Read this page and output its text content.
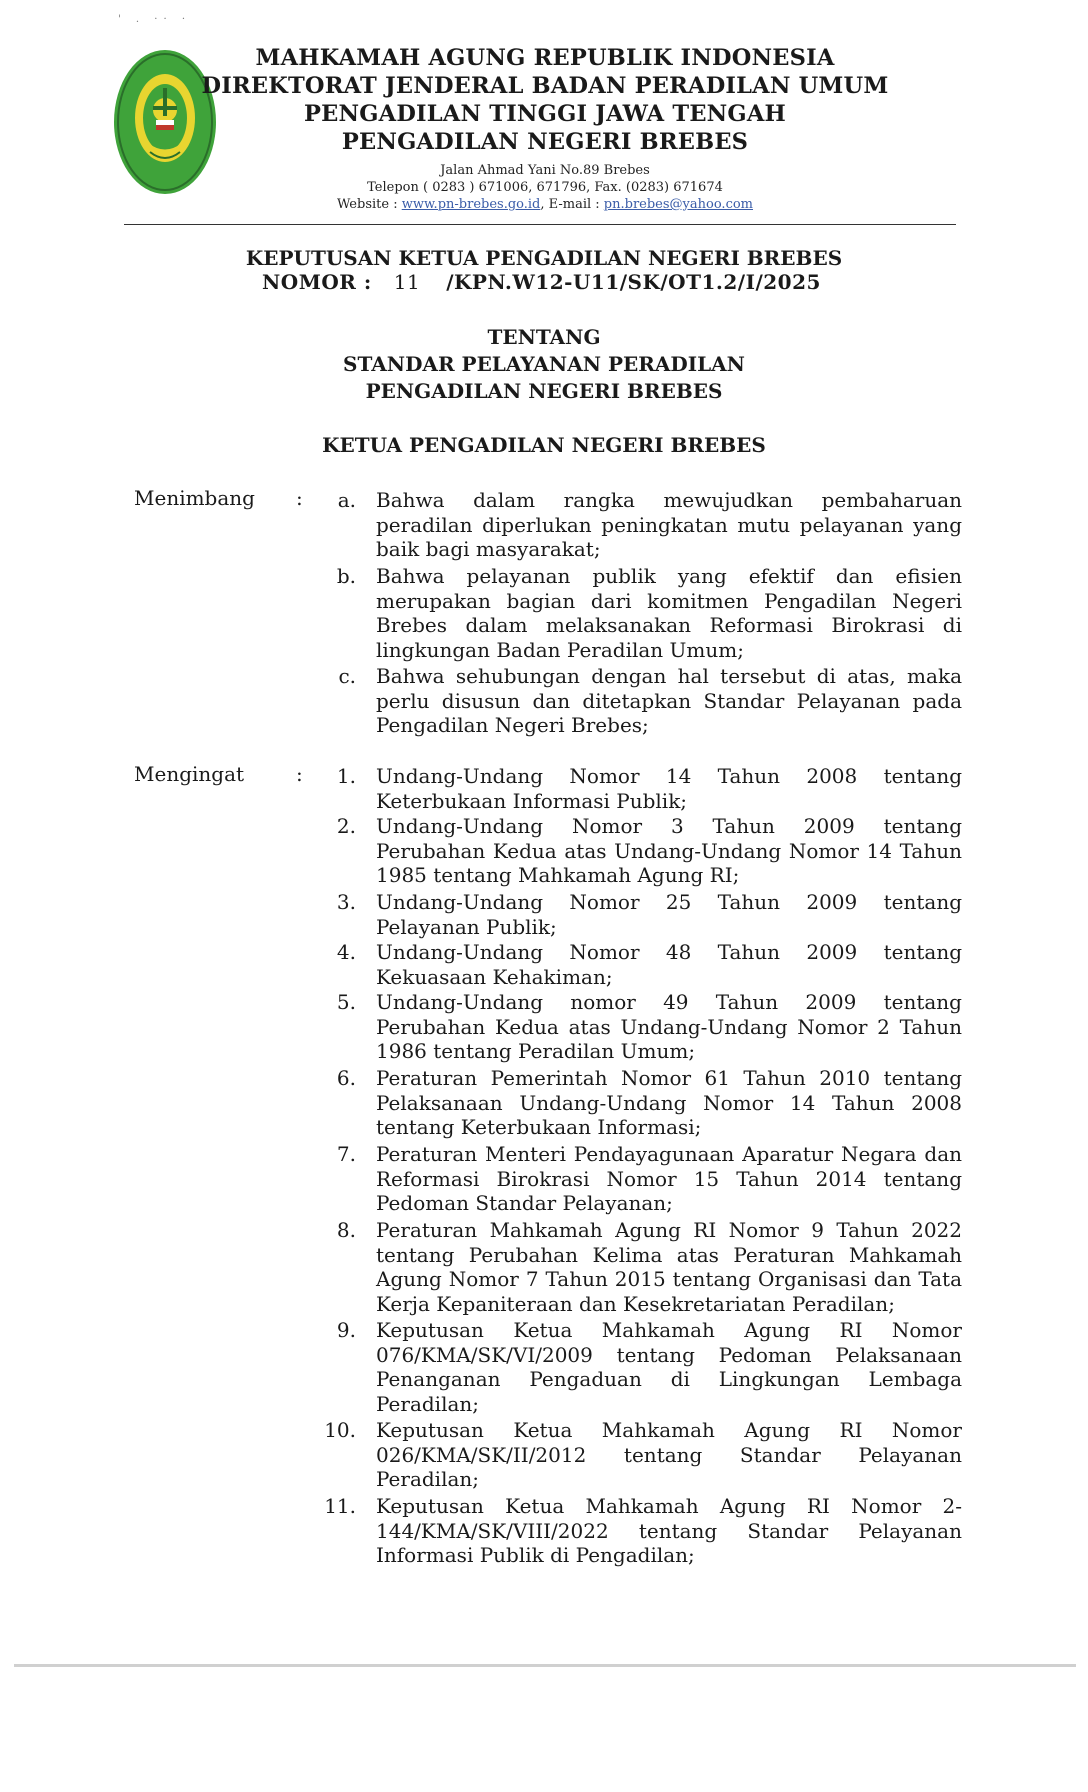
' . ·· ·
MAHKAMAH AGUNG REPUBLIK INDONESIA
DIREKTORAT JENDERAL BADAN PERADILAN UMUM
PENGADILAN TINGGI JAWA TENGAH
PENGADILAN NEGERI BREBES
Jalan Ahmad Yani No.89 Brebes
Telepon ( 0283 ) 671006, 671796, Fax. (0283) 671674
Website : www.pn-brebes.go.id, E-mail : pn.brebes@yahoo.com
KEPUTUSAN KETUA PENGADILAN NEGERI BREBES
NOMOR : 11 /KPN.W12-U11/SK/OT1.2/I/2025
TENTANG
STANDAR PELAYANAN PERADILAN
PENGADILAN NEGERI BREBES
KETUA PENGADILAN NEGERI BREBES
Menimbang :	a. Bahwa dalam rangka mewujudkan pembaharuan peradilan diperlukan peningkatan mutu pelayanan yang baik bagi masyarakat;
b. Bahwa pelayanan publik yang efektif dan efisien merupakan bagian dari komitmen Pengadilan Negeri Brebes dalam melaksanakan Reformasi Birokrasi di lingkungan Badan Peradilan Umum;
c. Bahwa sehubungan dengan hal tersebut di atas, maka perlu disusun dan ditetapkan Standar Pelayanan pada Pengadilan Negeri Brebes;
Mengingat	:	1. Undang-Undang Nomor 14 Tahun 2008 tentang Keterbukaan Informasi Publik;
2. Undang-Undang Nomor 3 Tahun 2009 tentang Perubahan Kedua atas Undang-Undang Nomor 14 Tahun 1985 tentang Mahkamah Agung RI;
3. Undang-Undang Nomor 25 Tahun 2009 tentang Pelayanan Publik;
4. Undang-Undang Nomor 48 Tahun 2009 tentang Kekuasaan Kehakiman;
5. Undang-Undang nomor 49 Tahun 2009 tentang Perubahan Kedua atas Undang-Undang Nomor 2 Tahun 1986 tentang Peradilan Umum;
6. Peraturan Pemerintah Nomor 61 Tahun 2010 tentang Pelaksanaan Undang-Undang Nomor 14 Tahun 2008 tentang Keterbukaan Informasi;
7. Peraturan Menteri Pendayagunaan Aparatur Negara dan Reformasi Birokrasi Nomor 15 Tahun 2014 tentang Pedoman Standar Pelayanan;
8. Peraturan Mahkamah Agung RI Nomor 9 Tahun 2022 tentang Perubahan Kelima atas Peraturan Mahkamah Agung Nomor 7 Tahun 2015 tentang Organisasi dan Tata Kerja Kepaniteraan dan Kesekretariatan Peradilan;
9. Keputusan Ketua Mahkamah Agung RI Nomor 076/KMA/SK/VI/2009 tentang Pedoman Pelaksanaan Penanganan Pengaduan di Lingkungan Lembaga Peradilan;
10. Keputusan Ketua Mahkamah Agung RI Nomor 026/KMA/SK/II/2012 tentang Standar Pelayanan Peradilan;
11. Keputusan Ketua Mahkamah Agung RI Nomor 2-144/KMA/SK/VIII/2022 tentang Standar Pelayanan Informasi Publik di Pengadilan;
